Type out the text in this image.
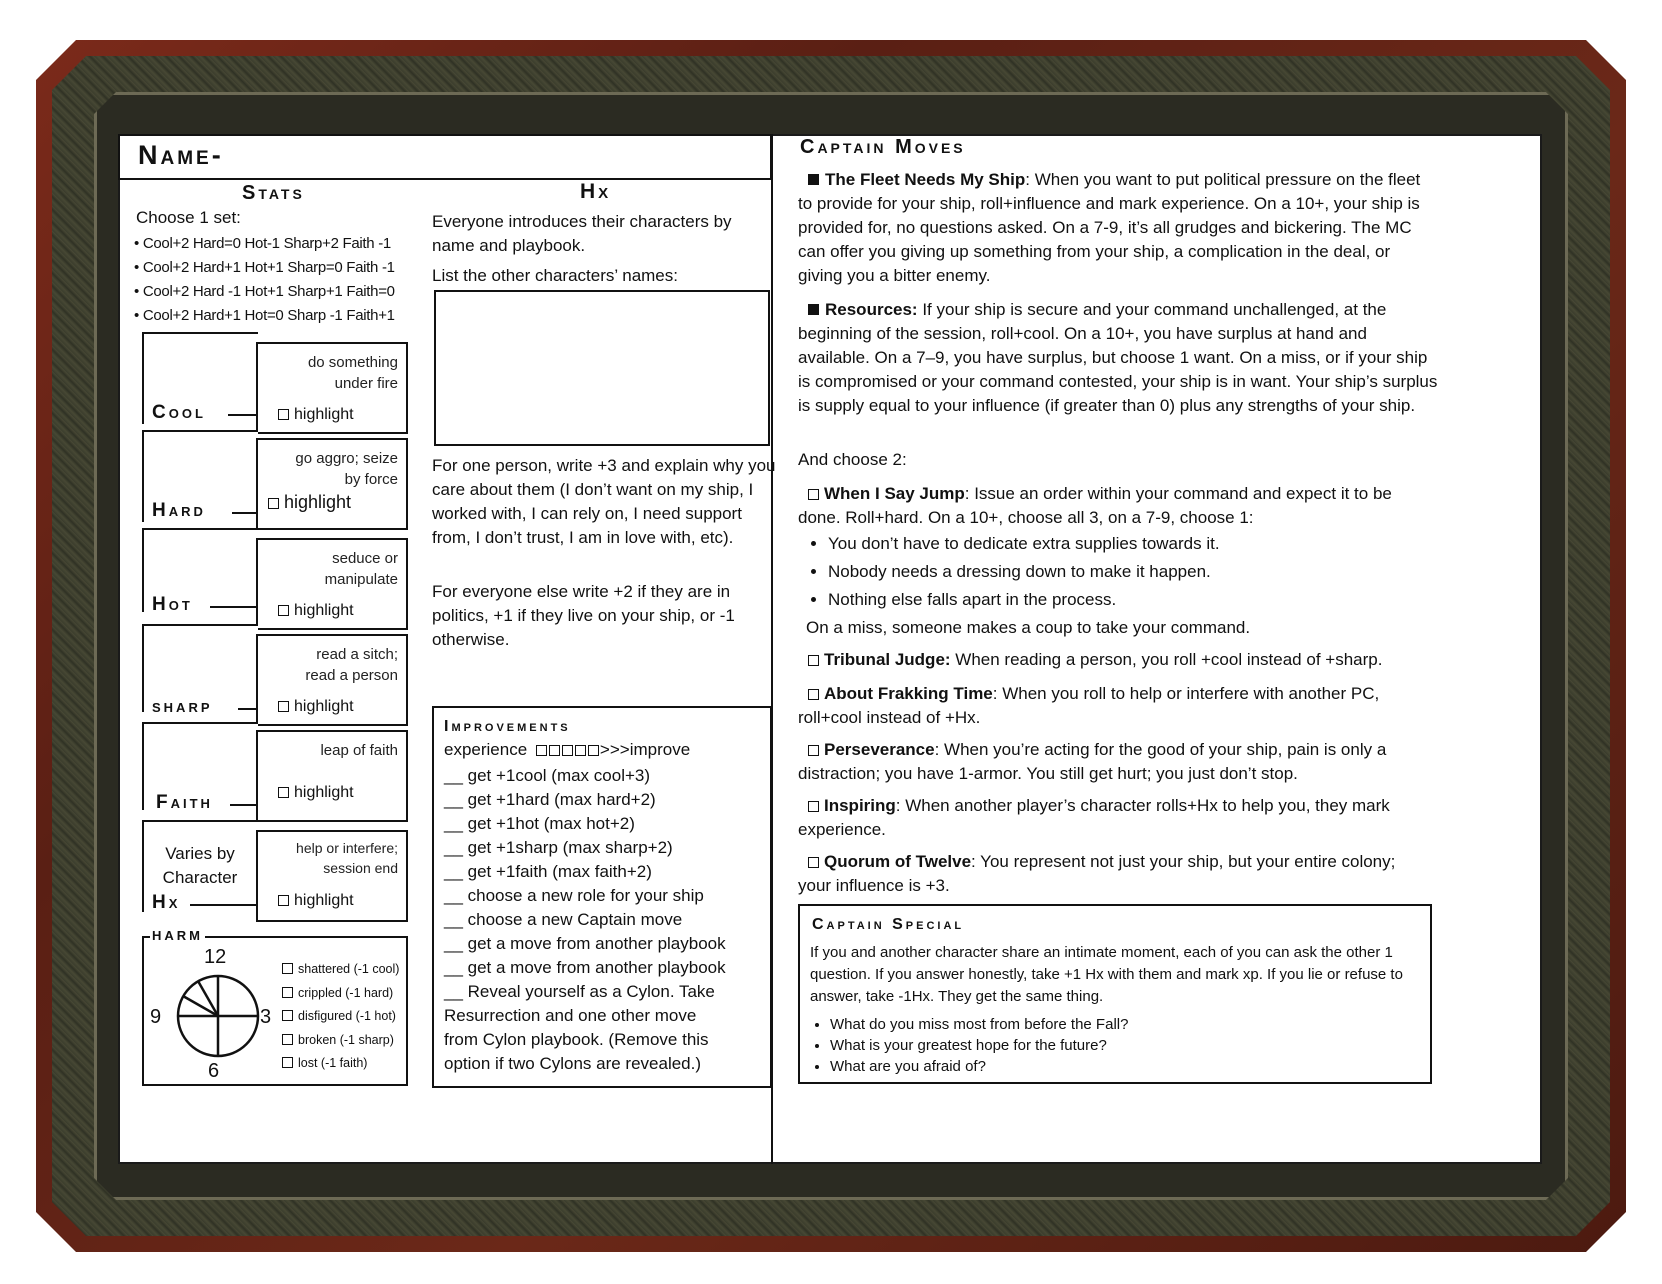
Name-
Stats
Choose 1 set:
• Cool+2 Hard=0 Hot-1 Sharp+2 Faith -1
• Cool+2 Hard+1 Hot+1 Sharp=0 Faith -1
• Cool+2 Hard -1 Hot+1 Sharp+1 Faith=0
• Cool+2 Hard+1 Hot=0 Sharp -1 Faith+1
Cool
do something
under fire
highlight
Hard
go aggro; seize
by force
highlight
Hot
seduce or
manipulate
highlight
sharp
read a sitch;
read a person
highlight
Faith
leap of faith
highlight
Varies by
Character
Hx
help or interfere;
session end
highlight
harm
12
3
6
9
shattered (-1 cool)
crippled (-1 hard)
disfigured (-1 hot)
broken (-1 sharp)
lost (-1 faith)
Hx
Everyone introduces their characters by name and playbook.
List the other characters’ names:
For one person, write +3 and explain why you care about them (I don’t want on my ship, I worked with, I can rely on, I need support from, I don’t trust, I am in love with, etc).
For everyone else write +2 if they are in politics, +1 if they live on your ship, or -1 otherwise.
Improvements
experience	>>>improve
__ get +1cool (max cool+3)
__ get +1hard (max hard+2)
__ get +1hot (max hot+2)
__ get +1sharp (max sharp+2)
__ get +1faith (max faith+2)
__ choose a new role for your ship
__ choose a new Captain move
__ get a move from another playbook
__ get a move from another playbook
__ Reveal yourself as a Cylon. Take
Resurrection and one other move
from Cylon playbook. (Remove this
option if two Cylons are revealed.)
Captain Moves
The Fleet Needs My Ship: When you want to put political pressure on the fleet to provide for your ship, roll+influence and mark experience. On a 10+, your ship is provided for, no questions asked. On a 7-9, it’s all grudges and bickering. The MC can offer you giving up something from your ship, a complication in the deal, or giving you a bitter enemy.
Resources: If your ship is secure and your command unchallenged, at the beginning of the session, roll+cool. On a 10+, you have surplus at hand and available. On a 7–9, you have surplus, but choose 1 want. On a miss, or if your ship is compromised or your command contested, your ship is in want. Your ship’s surplus is supply equal to your influence (if greater than 0) plus any strengths of your ship.
And choose 2:
When I Say Jump: Issue an order within your command and expect it to be done. Roll+hard. On a 10+, choose all 3, on a 7-9, choose 1:
• You don’t have to dedicate extra supplies towards it.
• Nobody needs a dressing down to make it happen.
• Nothing else falls apart in the process.
On a miss, someone makes a coup to take your command.
Tribunal Judge: When reading a person, you roll +cool instead of +sharp.
About Frakking Time: When you roll to help or interfere with another PC, roll+cool instead of +Hx.
Perseverance: When you’re acting for the good of your ship, pain is only a distraction; you have 1-armor. You still get hurt; you just don’t stop.
Inspiring: When another player’s character rolls+Hx to help you, they mark experience.
Quorum of Twelve: You represent not just your ship, but your entire colony; your influence is +3.
Captain Special
If you and another character share an intimate moment, each of you can ask the other 1 question. If you answer honestly, take +1 Hx with them and mark xp. If you lie or refuse to answer, take -1Hx. They get the same thing.
• What do you miss most from before the Fall?
• What is your greatest hope for the future?
• What are you afraid of?
